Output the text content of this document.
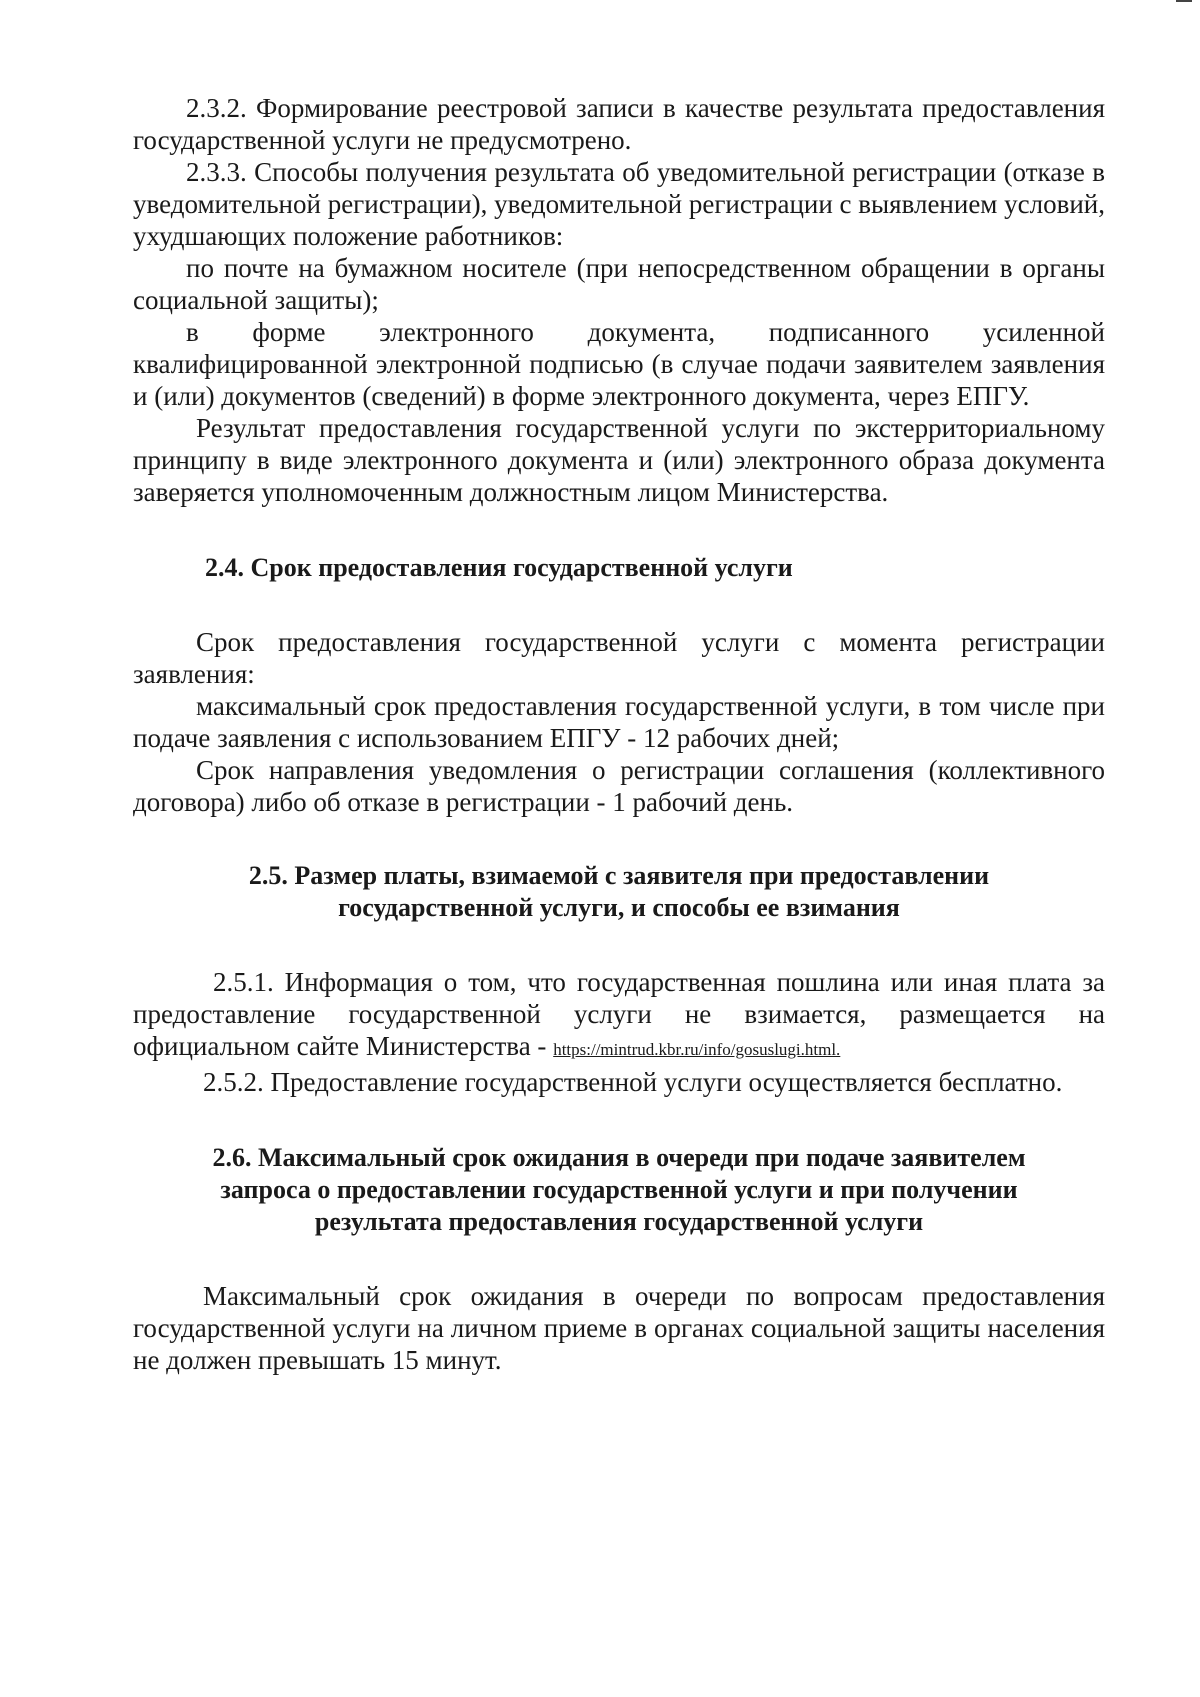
2.3.2. Формирование реестровой записи в качестве результата предоставления государственной услуги не предусмотрено.

2.3.3. Способы получения результата об уведомительной регистрации (отказе в уведомительной регистрации), уведомительной регистрации с выявлением условий, ухудшающих положение работников:

по почте на бумажном носителе (при непосредственном обращении в органы социальной защиты);

в форме электронного документа, подписанного усиленной квалифицированной электронной подписью (в случае подачи заявителем заявления и (или) документов (сведений) в форме электронного документа, через ЕПГУ.

Результат предоставления государственной услуги по экстерриториальному принципу в виде электронного документа и (или) электронного образа документа заверяется уполномоченным должностным лицом Министерства.

2.4. Срок предоставления государственной услуги

Срок предоставления государственной услуги с момента регистрации заявления:

максимальный срок предоставления государственной услуги, в том числе при подаче заявления с использованием ЕПГУ - 12 рабочих дней;

Срок направления уведомления о регистрации соглашения (коллективного договора) либо об отказе в регистрации - 1 рабочий день.

2.5. Размер платы, взимаемой с заявителя при предоставлении
государственной услуги, и способы ее взимания

2.5.1. Информация о том, что государственная пошлина или иная плата за предоставление государственной услуги не взимается, размещается на официальном сайте Министерства - https://mintrud.kbr.ru/info/gosuslugi.html.

2.5.2. Предоставление государственной услуги осуществляется бесплатно.

2.6. Максимальный срок ожидания в очереди при подаче заявителем
запроса о предоставлении государственной услуги и при получении
результата предоставления государственной услуги

Максимальный срок ожидания в очереди по вопросам предоставления государственной услуги на личном приеме в органах социальной защиты населения не должен превышать 15 минут.
